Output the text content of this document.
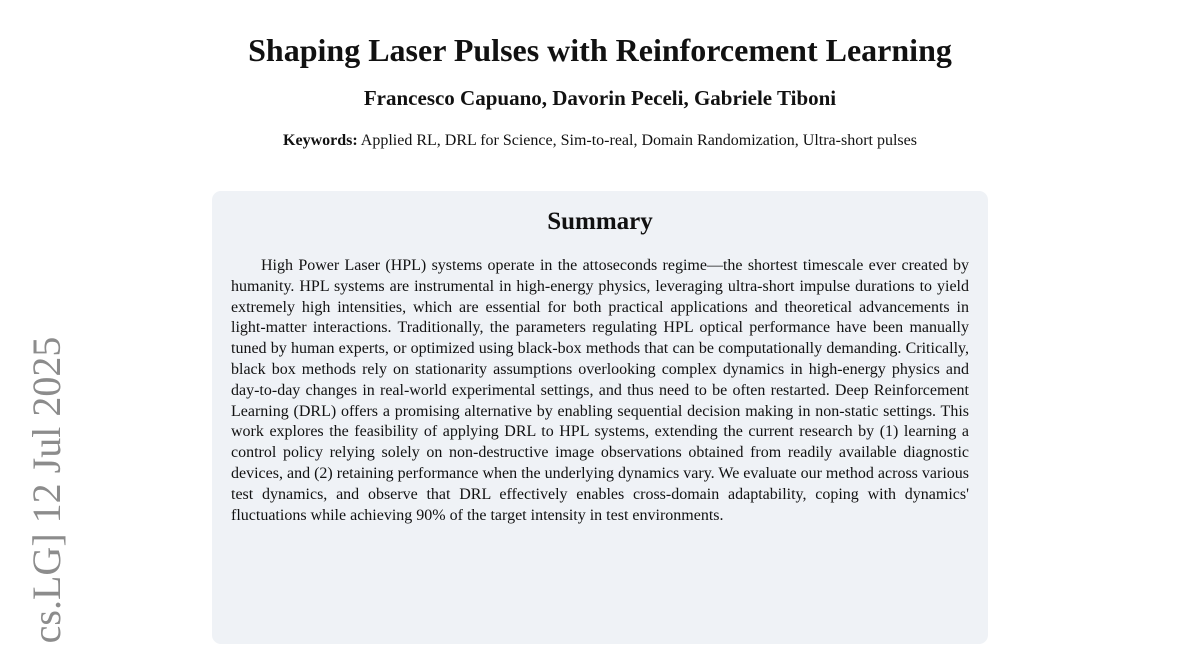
Shaping Laser Pulses with Reinforcement Learning
Francesco Capuano, Davorin Peceli, Gabriele Tiboni
Keywords: Applied RL, DRL for Science, Sim-to-real, Domain Randomization, Ultra-short pulses
Summary

High Power Laser (HPL) systems operate in the attoseconds regime—the shortest timescale ever created by humanity. HPL systems are instrumental in high-energy physics, leveraging ultra-short impulse durations to yield extremely high intensities, which are essential for both practical applications and theoretical advancements in light-matter interactions. Traditionally, the parameters regulating HPL optical performance have been manually tuned by human experts, or optimized using black-box methods that can be computationally demanding. Critically, black box methods rely on stationarity assumptions overlooking complex dynamics in high-energy physics and day-to-day changes in real-world experimental settings, and thus need to be often restarted. Deep Reinforcement Learning (DRL) offers a promising alternative by enabling sequential decision making in non-static settings. This work explores the feasibility of applying DRL to HPL systems, extending the current research by (1) learning a control policy relying solely on non-destructive image observations obtained from readily available diagnostic devices, and (2) retaining performance when the underlying dynamics vary. We evaluate our method across various test dynamics, and observe that DRL effectively enables cross-domain adaptability, coping with dynamics' fluctuations while achieving 90% of the target intensity in test environments.

cs.LG] 12 Jul 2025
